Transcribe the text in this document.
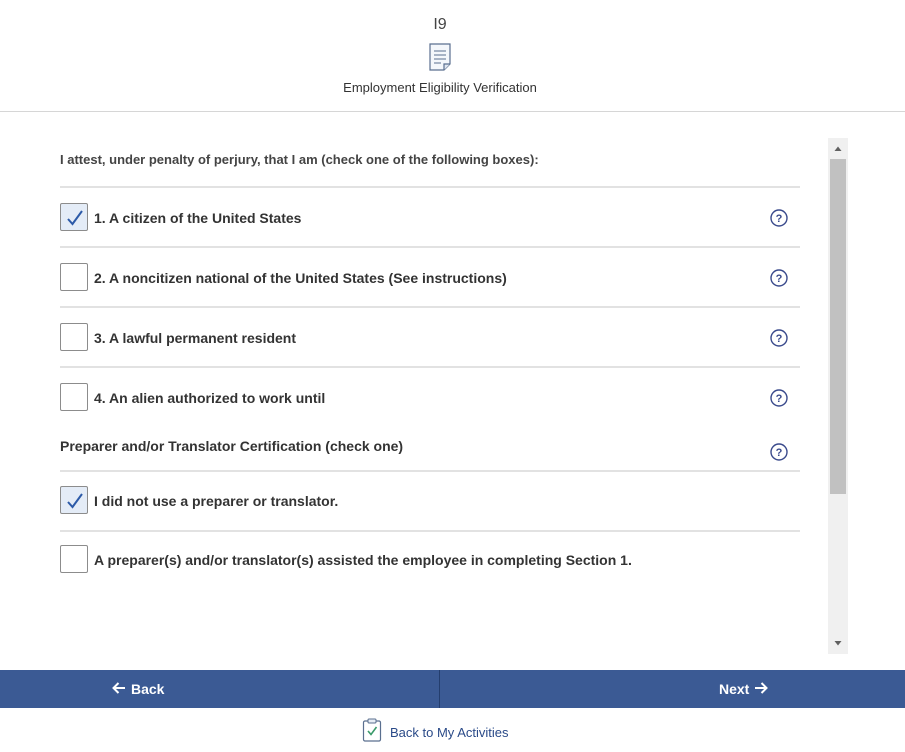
I9
Employment Eligibility Verification
I attest, under penalty of perjury, that I am (check one of the following boxes):
1. A citizen of the United States	?
2. A noncitizen national of the United States (See instructions)	?
3. A lawful permanent resident	?
4. An alien authorized to work until	?
Preparer and/or Translator Certification (check one)	?
I did not use a preparer or translator.
A preparer(s) and/or translator(s) assisted the employee in completing Section 1.
Back	Next
Back to My Activities
